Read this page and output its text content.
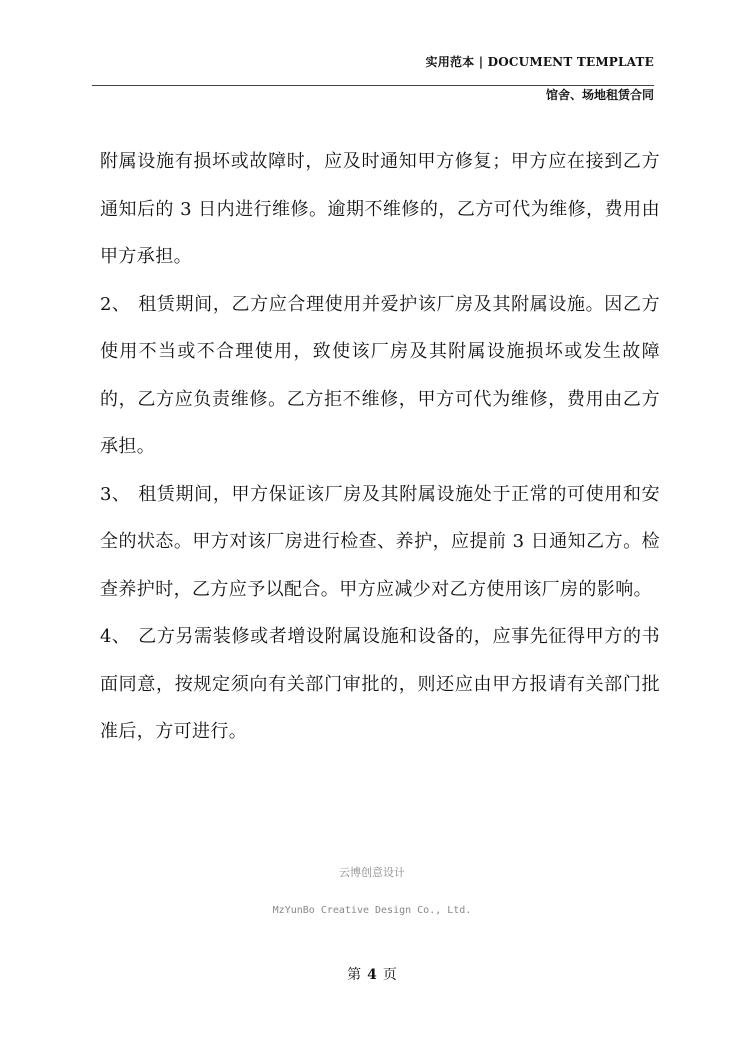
实用范本 | DOCUMENT TEMPLATE
馆舍、场地租赁合同

附属设施有损坏或故障时，应及时通知甲方修复；甲方应在接到乙方通知后的 3 日内进行维修。逾期不维修的，乙方可代为维修，费用由甲方承担。

2、 租赁期间，乙方应合理使用并爱护该厂房及其附属设施。因乙方使用不当或不合理使用，致使该厂房及其附属设施损坏或发生故障的，乙方应负责维修。乙方拒不维修，甲方可代为维修，费用由乙方承担。

3、 租赁期间，甲方保证该厂房及其附属设施处于正常的可使用和安全的状态。甲方对该厂房进行检查、养护，应提前 3 日通知乙方。检查养护时，乙方应予以配合。甲方应减少对乙方使用该厂房的影响。

4、 乙方另需装修或者增设附属设施和设备的，应事先征得甲方的书面同意，按规定须向有关部门审批的，则还应由甲方报请有关部门批准后，方可进行。

云博创意设计
MzYunBo Creative Design Co., Ltd.
第 4 页
